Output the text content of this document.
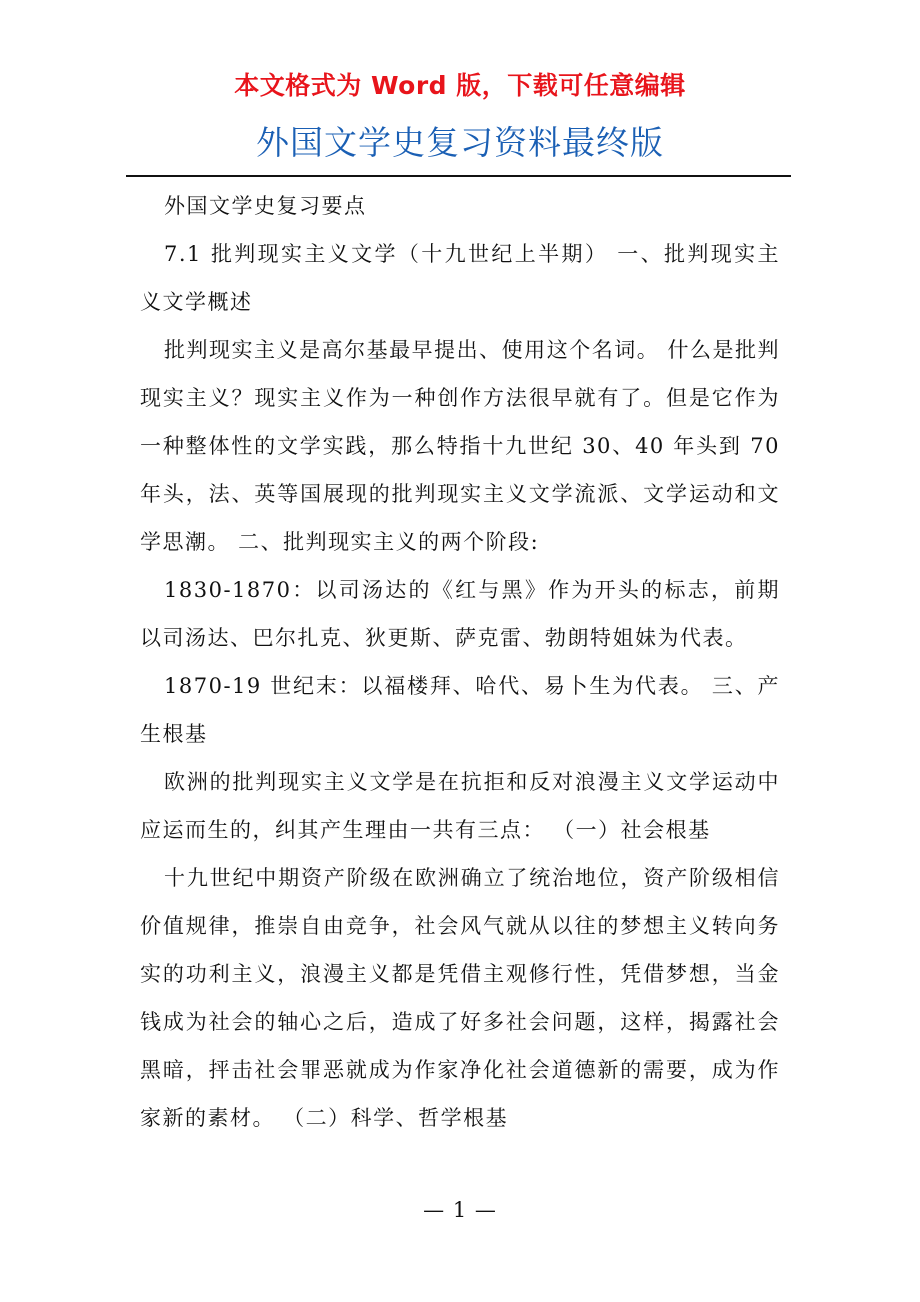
本文格式为 Word 版，下载可任意编辑
外国文学史复习资料最终版

外国文学史复习要点

7.1 批判现实主义文学（十九世纪上半期） 一、批判现实主义文学概述

批判现实主义是高尔基最早提出、使用这个名词。 什么是批判现实主义？现实主义作为一种创作方法很早就有了。但是它作为一种整体性的文学实践，那么特指十九世纪 30、40 年头到 70 年头，法、英等国展现的批判现实主义文学流派、文学运动和文学思潮。 二、批判现实主义的两个阶段:

1830-1870：以司汤达的《红与黑》作为开头的标志，前期以司汤达、巴尔扎克、狄更斯、萨克雷、勃朗特姐妹为代表。

1870-19 世纪末：以福楼拜、哈代、易卜生为代表。 三、产生根基

欧洲的批判现实主义文学是在抗拒和反对浪漫主义文学运动中应运而生的，纠其产生理由一共有三点： （一）社会根基

十九世纪中期资产阶级在欧洲确立了统治地位，资产阶级相信价值规律，推崇自由竞争，社会风气就从以往的梦想主义转向务实的功利主义，浪漫主义都是凭借主观修行性，凭借梦想，当金钱成为社会的轴心之后，造成了好多社会问题，这样，揭露社会黑暗，抨击社会罪恶就成为作家净化社会道德新的需要，成为作家新的素材。 （二）科学、哲学根基

— 1 —
